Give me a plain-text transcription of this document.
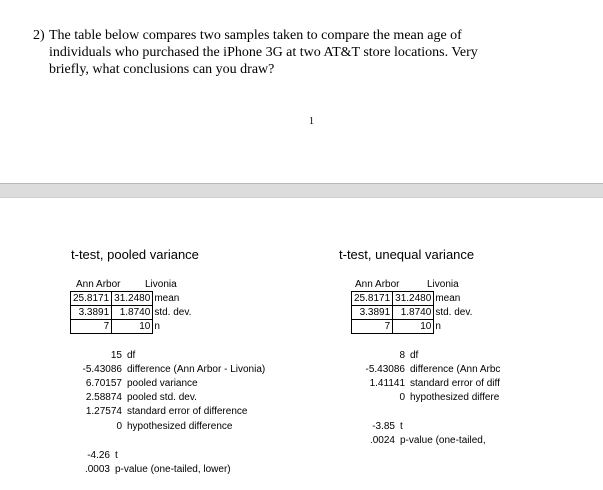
2) The table below compares two samples taken to compare the mean age of individuals who purchased the iPhone 3G at two AT&T store locations. Very briefly, what conclusions can you draw?
1
t-test, pooled variance
Ann Arbor Livonia
25.8171	31.2480	mean
3.3891	1.8740	std. dev.
7	10	n
15 df
-5.43086 difference (Ann Arbor - Livonia)
6.70157 pooled variance
2.58874 pooled std. dev.
1.27574 standard error of difference
0 hypothesized difference
-4.26 t
.0003 p-value (one-tailed, lower)
t-test, unequal variance
Ann Arbor	Livonia
25.8171	31.2480	mean
3.3891	1.8740	std. dev.
7	10	n
8 df
-5.43086 difference (Ann Arbc
1.41141 standard error of diff
0 hypothesized differe
-3.85 t
.0024 p-value (one-tailed,
